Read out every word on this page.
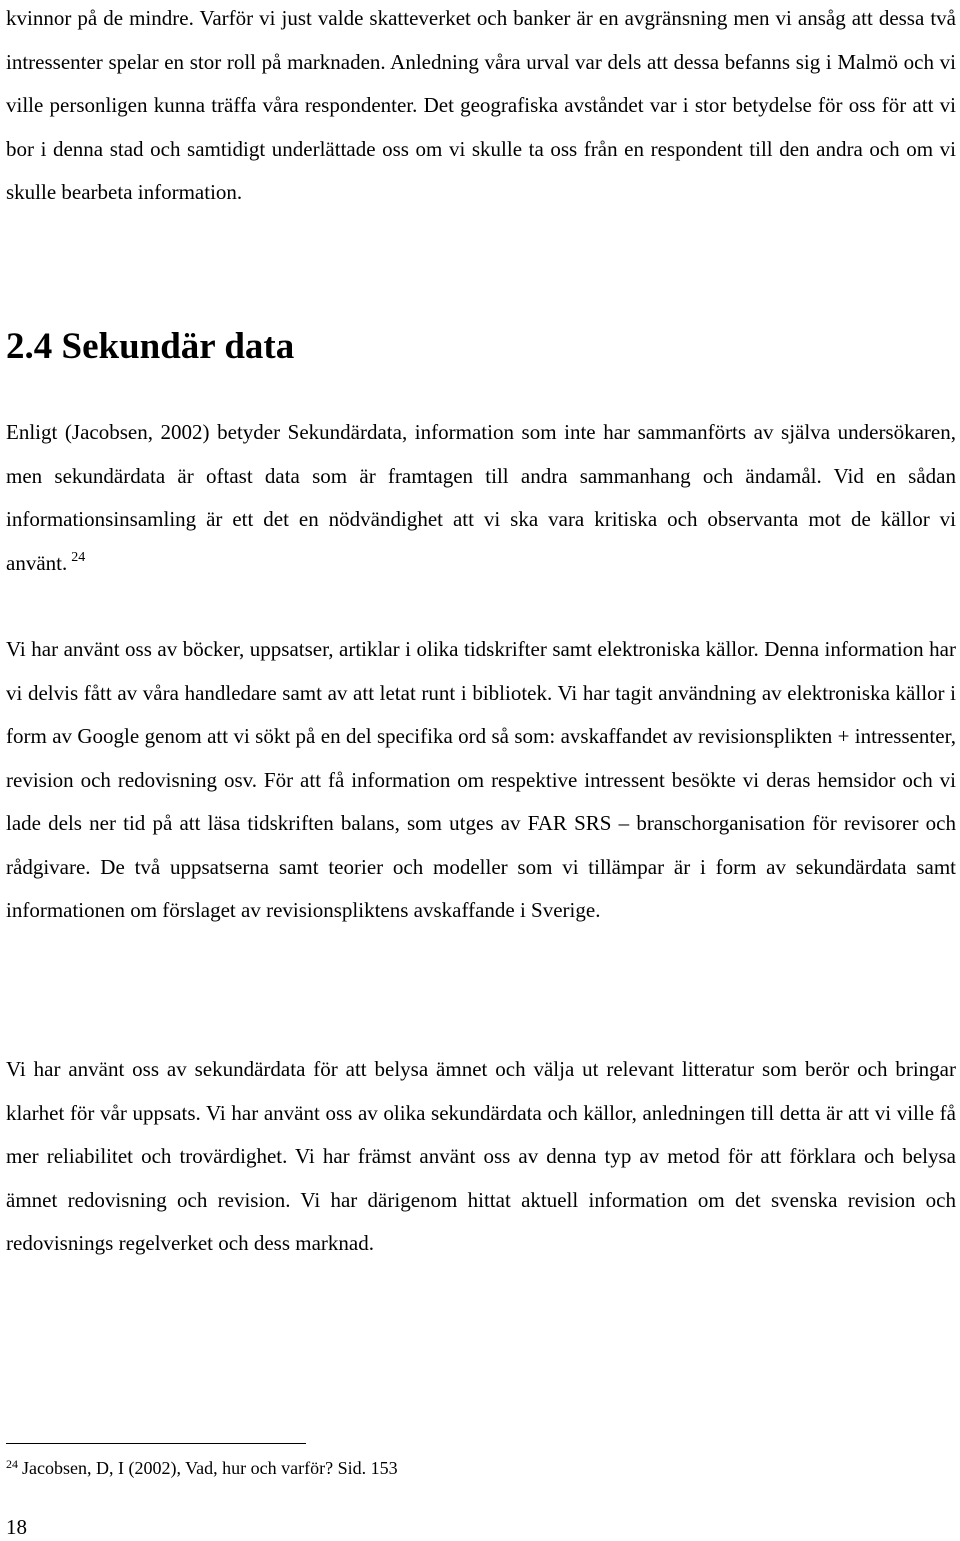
kvinnor på de mindre. Varför vi just valde skatteverket och banker är en avgränsning men vi ansåg att dessa två intressenter spelar en stor roll på marknaden. Anledning våra urval var dels att dessa befanns sig i Malmö och vi ville personligen kunna träffa våra respondenter. Det geografiska avståndet var i stor betydelse för oss för att vi bor i denna stad och samtidigt underlättade oss om vi skulle ta oss från en respondent till den andra och om vi skulle bearbeta information.

2.4 Sekundär data

Enligt (Jacobsen, 2002) betyder Sekundärdata, information som inte har sammanförts av själva undersökaren, men sekundärdata är oftast data som är framtagen till andra sammanhang och ändamål. Vid en sådan informationsinsamling är ett det en nödvändighet att vi ska vara kritiska och observanta mot de källor vi använt. $^{24}$

Vi har använt oss av böcker, uppsatser, artiklar i olika tidskrifter samt elektroniska källor. Denna information har vi delvis fått av våra handledare samt av att letat runt i bibliotek. Vi har tagit användning av elektroniska källor i form av Google genom att vi sökt på en del specifika ord så som: avskaffandet av revisionsplikten + intressenter, revision och redovisning osv. För att få information om respektive intressent besökte vi deras hemsidor och vi lade dels ner tid på att läsa tidskriften balans, som utges av FAR SRS – branschorganisation för revisorer och rådgivare. De två uppsatserna samt teorier och modeller som vi tillämpar är i form av sekundärdata samt informationen om förslaget av revisionspliktens avskaffande i Sverige.

Vi har använt oss av sekundärdata för att belysa ämnet och välja ut relevant litteratur som berör och bringar klarhet för vår uppsats. Vi har använt oss av olika sekundärdata och källor, anledningen till detta är att vi ville få mer reliabilitet och trovärdighet. Vi har främst använt oss av denna typ av metod för att förklara och belysa ämnet redovisning och revision. Vi har därigenom hittat aktuell information om det svenska revision och redovisnings regelverket och dess marknad.

$^{24}$ Jacobsen, D, I (2002), Vad, hur och varför? Sid. 153

18
